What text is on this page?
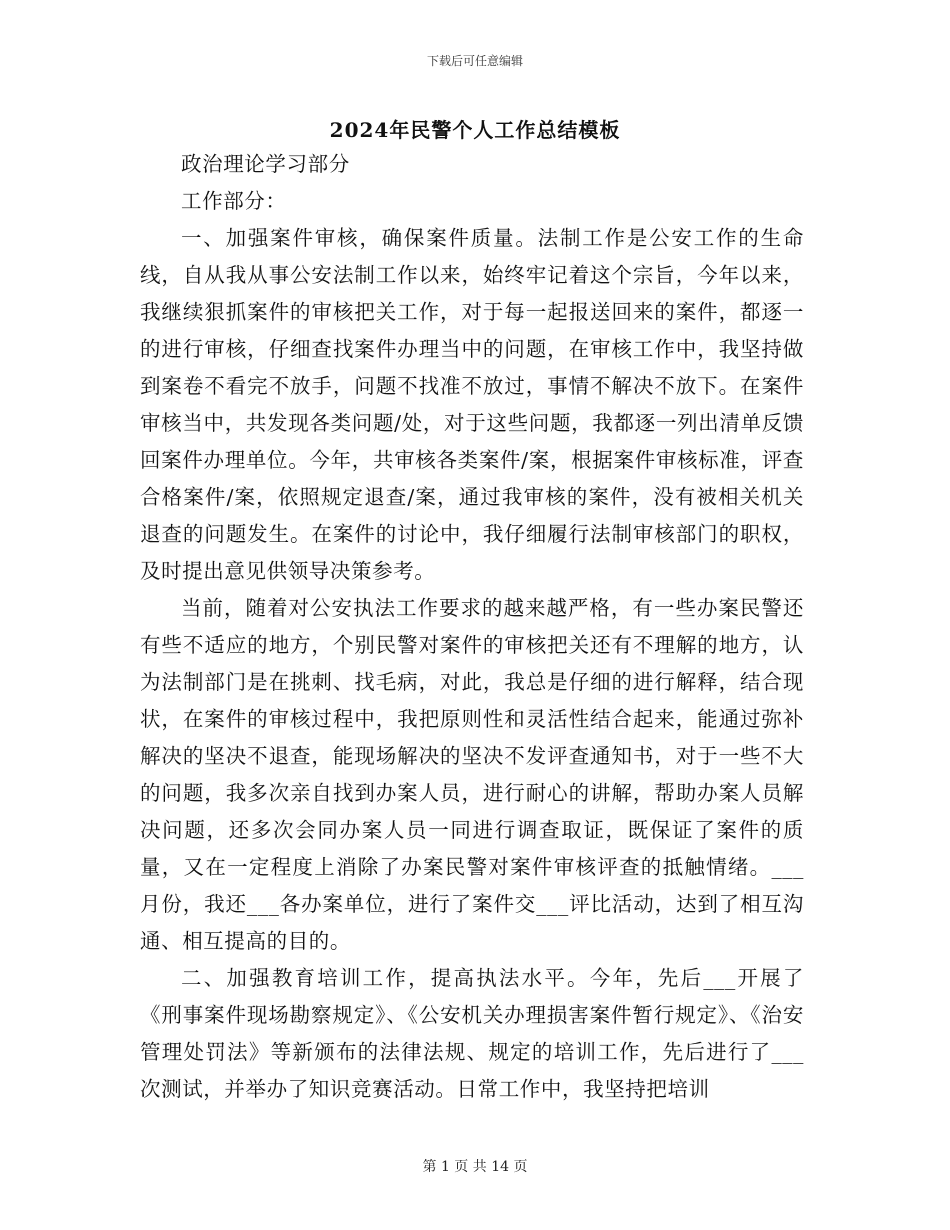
下载后可任意编辑
2024年民警个人工作总结模板

政治理论学习部分

工作部分：

一、加强案件审核，确保案件质量。法制工作是公安工作的生命线，自从我从事公安法制工作以来，始终牢记着这个宗旨，今年以来，我继续狠抓案件的审核把关工作，对于每一起报送回来的案件，都逐一的进行审核，仔细查找案件办理当中的问题，在审核工作中，我坚持做到案卷不看完不放手，问题不找准不放过，事情不解决不放下。在案件审核当中，共发现各类问题/处，对于这些问题，我都逐一列出清单反馈回案件办理单位。今年，共审核各类案件/案，根据案件审核标准，评查合格案件/案，依照规定退查/案，通过我审核的案件，没有被相关机关退查的问题发生。在案件的讨论中，我仔细履行法制审核部门的职权，及时提出意见供领导决策参考。

当前，随着对公安执法工作要求的越来越严格，有一些办案民警还有些不适应的地方，个别民警对案件的审核把关还有不理解的地方，认为法制部门是在挑刺、找毛病，对此，我总是仔细的进行解释，结合现状，在案件的审核过程中，我把原则性和灵活性结合起来，能通过弥补解决的坚决不退查，能现场解决的坚决不发评查通知书，对于一些不大的问题，我多次亲自找到办案人员，进行耐心的讲解，帮助办案人员解决问题，还多次会同办案人员一同进行调查取证，既保证了案件的质量，又在一定程度上消除了办案民警对案件审核评查的抵触情绪。___月份，我还___各办案单位，进行了案件交___评比活动，达到了相互沟通、相互提高的目的。

二、加强教育培训工作，提高执法水平。今年，先后___开展了《刑事案件现场勘察规定》、《公安机关办理损害案件暂行规定》、《治安管理处罚法》等新颁布的法律法规、规定的培训工作，先后进行了___次测试，并举办了知识竞赛活动。日常工作中，我坚持把培训

第 1 页 共 14 页
